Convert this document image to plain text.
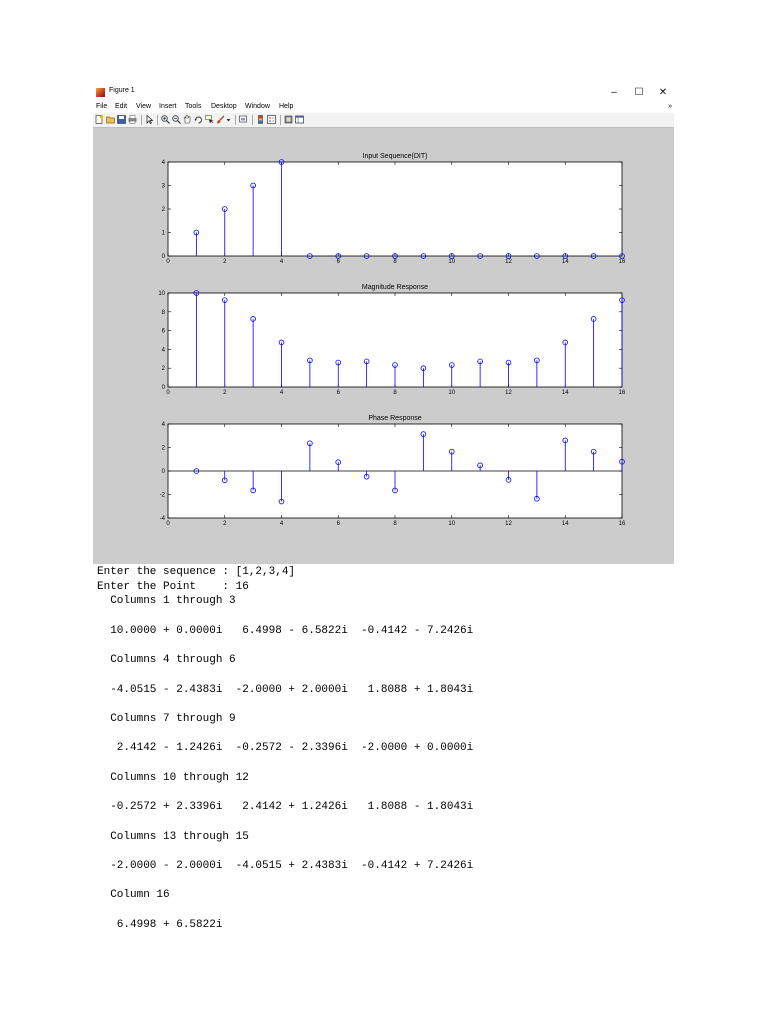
Figure 1	–	☐	✕
File Edit View Insert Tools Desktop Window Help	»
Input Sequence(DIT)
0	2	4	6	8	10	12	14	16
0
1
2
3
4
Magnitude Response
0	2	4	6	8	10	12	14	16
0
2
4
6
8
10
Phase Response
0	2	4	6	8	10	12	14	16
-4
-2
0
2
4
Enter the sequence : [1,2,3,4]
Enter the Point    : 16
Columns 1 through 3
10.0000 + 0.0000i   6.4998 - 6.5822i  -0.4142 - 7.2426i
Columns 4 through 6
-4.0515 - 2.4383i  -2.0000 + 2.0000i   1.8088 + 1.8043i
Columns 7 through 9
2.4142 - 1.2426i  -0.2572 - 2.3396i  -2.0000 + 0.0000i
Columns 10 through 12
-0.2572 + 2.3396i   2.4142 + 1.2426i   1.8088 - 1.8043i
Columns 13 through 15
-2.0000 - 2.0000i  -4.0515 + 2.4383i  -0.4142 + 7.2426i
Column 16
6.4998 + 6.5822i
